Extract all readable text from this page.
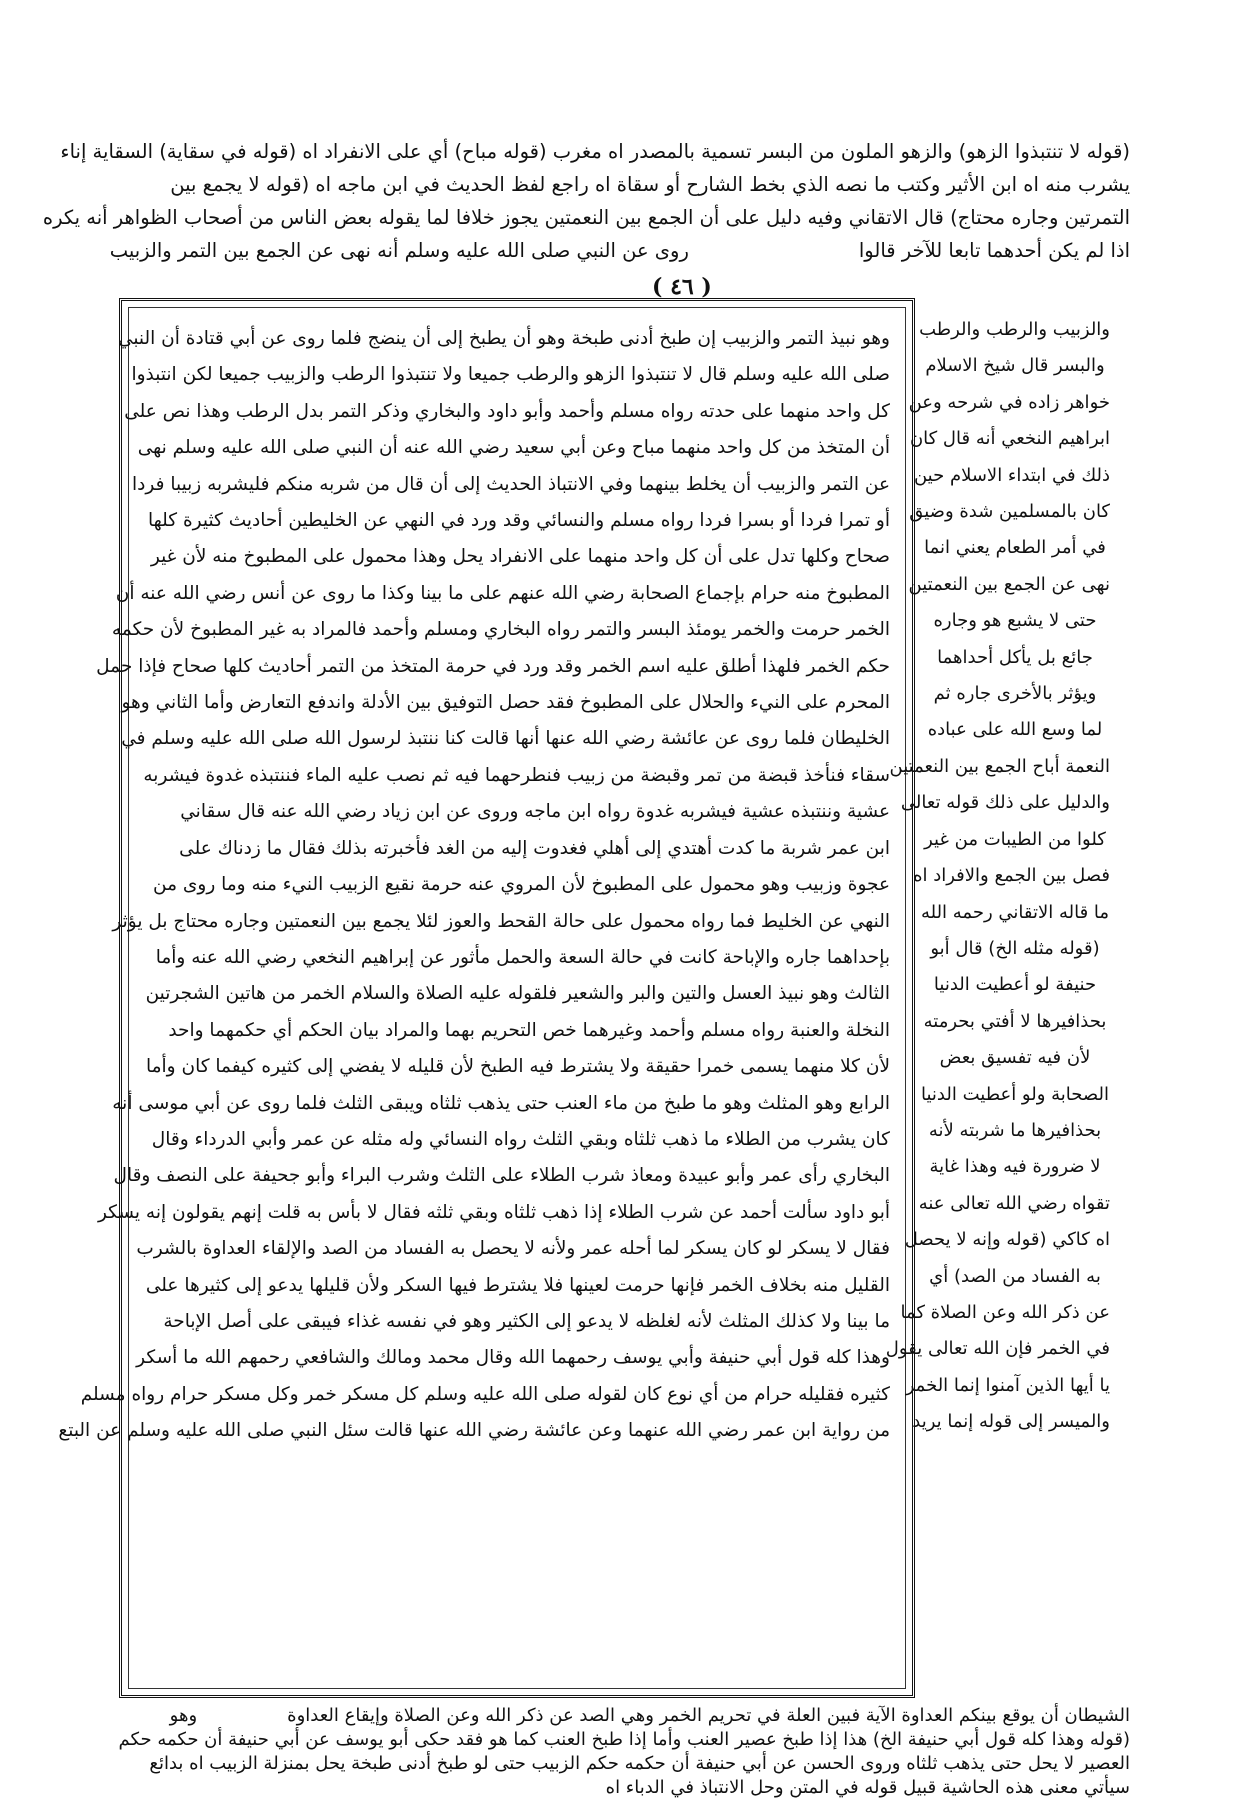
(قوله لا تنتبذوا الزهو) والزهو الملون من البسر تسمية بالمصدر اه مغرب (قوله مباح) أي على الانفراد اه (قوله في سقاية) السقاية إناء
يشرب منه اه ابن الأثير وكتب ما نصه الذي بخط الشارح أو سقاة اه راجع لفظ الحديث في ابن ماجه اه (قوله لا يجمع بين
التمرتين وجاره محتاج) قال الاتقاني وفيه دليل على أن الجمع بين النعمتين يجوز خلافا لما يقوله بعض الناس من أصحاب الظواهر أنه يكره
اذا لم يكن أحدهما تابعا للآخر قالواروى عن النبي صلى الله عليه وسلم أنه نهى عن الجمع بين التمر والزبيب
( ٤٦ )
وهو نبيذ التمر والزبيب إن طبخ أدنى طبخة وهو أن يطبخ إلى أن ينضج فلما روى عن أبي قتادة أن النبي
صلى الله عليه وسلم قال لا تنتبذوا الزهو والرطب جميعا ولا تنتبذوا الرطب والزبيب جميعا لكن انتبذوا
كل واحد منهما على حدته رواه مسلم وأحمد وأبو داود والبخاري وذكر التمر بدل الرطب وهذا نص على
أن المتخذ من كل واحد منهما مباح وعن أبي سعيد رضي الله عنه أن النبي صلى الله عليه وسلم نهى
عن التمر والزبيب أن يخلط بينهما وفي الانتباذ الحديث إلى أن قال من شربه منكم فليشربه زبيبا فردا
أو تمرا فردا أو بسرا فردا رواه مسلم والنسائي وقد ورد في النهي عن الخليطين أحاديث كثيرة كلها
صحاح وكلها تدل على أن كل واحد منهما على الانفراد يحل وهذا محمول على المطبوخ منه لأن غير
المطبوخ منه حرام بإجماع الصحابة رضي الله عنهم على ما بينا وكذا ما روى عن أنس رضي الله عنه أن
الخمر حرمت والخمر يومئذ البسر والتمر رواه البخاري ومسلم وأحمد فالمراد به غير المطبوخ لأن حكمه
حكم الخمر فلهذا أطلق عليه اسم الخمر وقد ورد في حرمة المتخذ من التمر أحاديث كلها صحاح فإذا حمل
المحرم على النيء والحلال على المطبوخ فقد حصل التوفيق بين الأدلة واندفع التعارض وأما الثاني وهو
الخليطان فلما روى عن عائشة رضي الله عنها أنها قالت كنا ننتبذ لرسول الله صلى الله عليه وسلم في
سقاء فنأخذ قبضة من تمر وقبضة من زبيب فنطرحهما فيه ثم نصب عليه الماء فننتبذه غدوة فيشربه
عشية وننتبذه عشية فيشربه غدوة رواه ابن ماجه وروى عن ابن زياد رضي الله عنه قال سقاني
ابن عمر شربة ما كدت أهتدي إلى أهلي فغدوت إليه من الغد فأخبرته بذلك فقال ما زدناك على
عجوة وزبيب وهو محمول على المطبوخ لأن المروي عنه حرمة نقيع الزبيب النيء منه وما روى من
النهي عن الخليط فما رواه محمول على حالة القحط والعوز لئلا يجمع بين النعمتين وجاره محتاج بل يؤثر
بإحداهما جاره والإباحة كانت في حالة السعة والحمل مأثور عن إبراهيم النخعي رضي الله عنه وأما
الثالث وهو نبيذ العسل والتين والبر والشعير فلقوله عليه الصلاة والسلام الخمر من هاتين الشجرتين
النخلة والعنبة رواه مسلم وأحمد وغيرهما خص التحريم بهما والمراد بيان الحكم أي حكمهما واحد
لأن كلا منهما يسمى خمرا حقيقة ولا يشترط فيه الطبخ لأن قليله لا يفضي إلى كثيره كيفما كان وأما
الرابع وهو المثلث وهو ما طبخ من ماء العنب حتى يذهب ثلثاه ويبقى الثلث فلما روى عن أبي موسى أنه
كان يشرب من الطلاء ما ذهب ثلثاه وبقي الثلث رواه النسائي وله مثله عن عمر وأبي الدرداء وقال
البخاري رأى عمر وأبو عبيدة ومعاذ شرب الطلاء على الثلث وشرب البراء وأبو جحيفة على النصف وقال
أبو داود سألت أحمد عن شرب الطلاء إذا ذهب ثلثاه وبقي ثلثه فقال لا بأس به قلت إنهم يقولون إنه يسكر
فقال لا يسكر لو كان يسكر لما أحله عمر ولأنه لا يحصل به الفساد من الصد والإلقاء العداوة بالشرب
القليل منه بخلاف الخمر فإنها حرمت لعينها فلا يشترط فيها السكر ولأن قليلها يدعو إلى كثيرها على
ما بينا ولا كذلك المثلث لأنه لغلظه لا يدعو إلى الكثير وهو في نفسه غذاء فيبقى على أصل الإباحة
وهذا كله قول أبي حنيفة وأبي يوسف رحمهما الله وقال محمد ومالك والشافعي رحمهم الله ما أسكر
كثيره فقليله حرام من أي نوع كان لقوله صلى الله عليه وسلم كل مسكر خمر وكل مسكر حرام رواه مسلم
من رواية ابن عمر رضي الله عنهما وعن عائشة رضي الله عنها قالت سئل النبي صلى الله عليه وسلم عن البتع
والزبيب والرطب والرطب
والبسر قال شيخ الاسلام
خواهر زاده في شرحه وعن
ابراهيم النخعي أنه قال كان
ذلك في ابتداء الاسلام حين
كان بالمسلمين شدة وضيق
في أمر الطعام يعني انما
نهى عن الجمع بين النعمتين
حتى لا يشبع هو وجاره
جائع بل يأكل أحداهما
ويؤثر بالأخرى جاره ثم
لما وسع الله على عباده
النعمة أباح الجمع بين النعمتين
والدليل على ذلك قوله تعالى
كلوا من الطيبات من غير
فصل بين الجمع والافراد اه
ما قاله الاتقاني رحمه الله
(قوله مثله الخ) قال أبو
حنيفة لو أعطيت الدنيا
بحذافيرها لا أفتي بحرمته
لأن فيه تفسيق بعض
الصحابة ولو أعطيت الدنيا
بحذافيرها ما شربته لأنه
لا ضرورة فيه وهذا غاية
تقواه رضي الله تعالى عنه
اه كاكي (قوله وإنه لا يحصل
به الفساد من الصد) أي
عن ذكر الله وعن الصلاة كما
في الخمر فإن الله تعالى يقول
يا أيها الذين آمنوا إنما الخمر
والميسر إلى قوله إنما يريد
الشيطان أن يوقع بينكم العداوة الآية فبين العلة في تحريم الخمر وهي الصد عن ذكر الله وعن الصلاة وإيقاع العداوةوهو
(قوله وهذا كله قول أبي حنيفة الخ) هذا إذا طبخ عصير العنب وأما إذا طبخ العنب كما هو فقد حكى أبو يوسف عن أبي حنيفة أن حكمه حكم
العصير لا يحل حتى يذهب ثلثاه وروى الحسن عن أبي حنيفة أن حكمه حكم الزبيب حتى لو طبخ أدنى طبخة يحل بمنزلة الزبيب اه بدائع
سيأتي معنى هذه الحاشية قبيل قوله في المتن وحل الانتباذ في الدباء اه
